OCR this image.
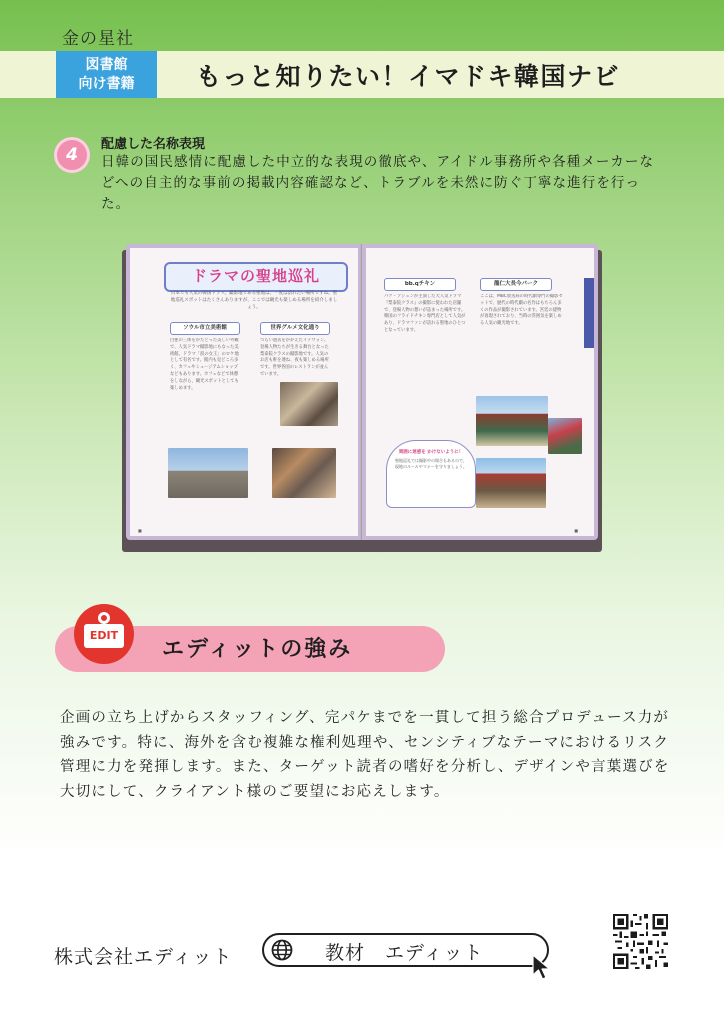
金の星社
図書館
向け書籍 もっと知りたい！イマドキ韓国ナビ
4
配慮した名称表現
日韓の国民感情に配慮した中立的な表現の徹底や、アイドル事務所や各種メーカーなどへの自主的な事前の掲載内容確認など、トラブルを未然に防ぐ丁寧な進行を行った。
ドラマの聖地巡礼
日本でも人気の韓国ドラマ。撮影地である聖地は、一度は訪れたい場所ですね。聖地巡礼スポットはたくさんありますが、ここでは観光も楽しめる場所を紹介しましょう。
ソウル市立美術館
白亜の三体をかたどった美しい外観で、人気ドラマ撮影地にもなった美術館。ドラマ「涙の女王」のロケ地として有名です。館内も見どころ多く、カフェやミュージアムショップなどもあります。カフェなどで休憩をしながら、観光スポットとしても楽しめます。
世界グルメ文化通り
つらい過去をかかえたイテウォン。登場人物たちが生きる舞台となった梨泰院クラスの撮影地です。人気のお店も軒を連ね、夜も楽しめる場所です。世界各国のレストランが並んでいます。
■
bb.qチキン
パク・ソジュンが主演した大人気ドラマ『梨泰院クラス』の撮影に使われた店舗で、登場人物の想いが詰まった場所です。韓国のフライドチキン専門店として人気があり、ドラマファンが訪れる聖地のひとつとなっています。
龍仁大長今パーク
ここは、MBC放送局の時代劇専門の撮影セットで、歴代の時代劇の名作はもちろん多くの作品が撮影されています。宮廷の建物が再現されており、当時の雰囲気を楽しめる人気の観光地です。
周囲に迷惑を かけないように！
聖地巡礼では撮影中の場合もあるので、現地のルールやマナーを守りましょう。
■
EDIT
エディットの強み
企画の立ち上げからスタッフィング、完パケまでを一貫して担う総合プロデュース力が強みです。特に、海外を含む複雑な権利処理や、センシティブなテーマにおけるリスク管理に力を発揮します。また、ターゲット読者の嗜好を分析し、デザインや言葉選びを大切にして、クライアント様のご要望にお応えします。
株式会社エディット	教材　エディット
